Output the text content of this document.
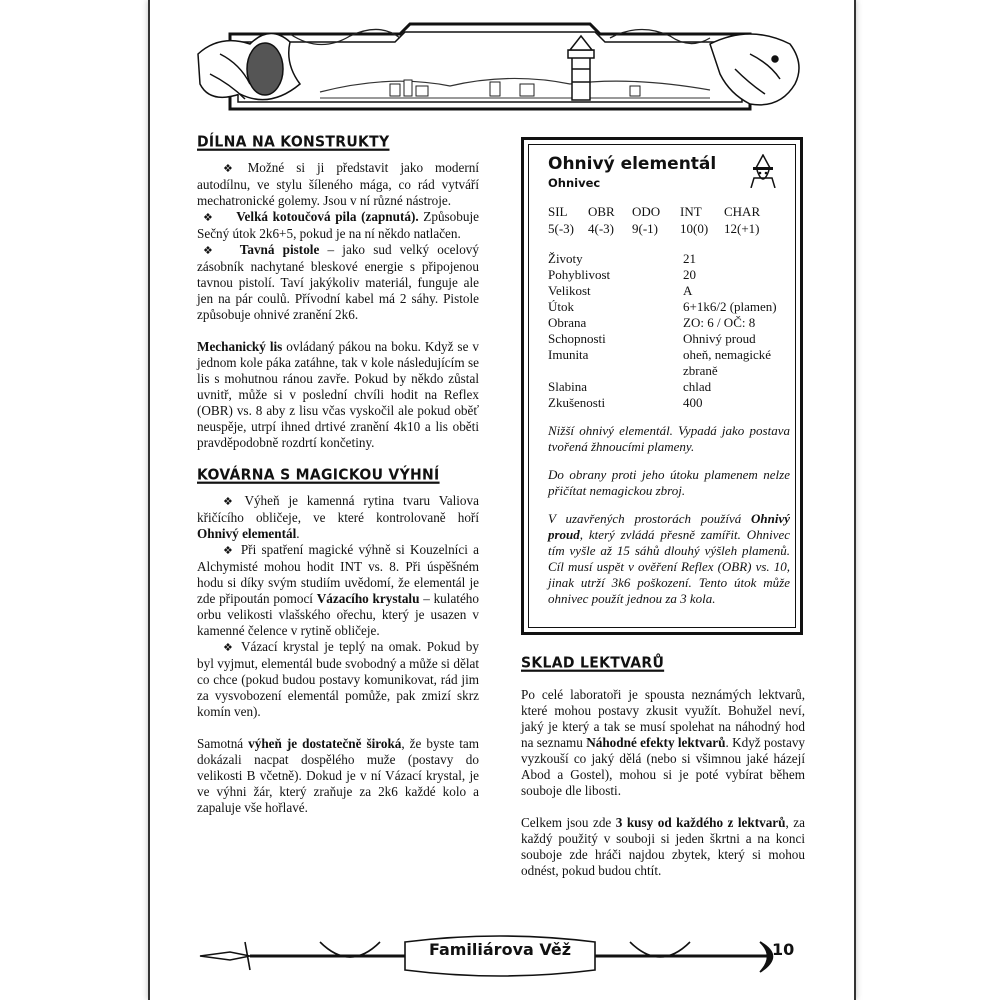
DÍLNA NA KONSTRUKTY

❖ Možné si ji představit jako moderní autodílnu, ve stylu šíleného mága, co rád vytváří mechatronické golemy. Jsou v ní různé nástroje.

❖ Velká kotoučová pila (zapnutá). Způsobuje Sečný útok 2k6+5, pokud je na ní někdo natlačen.

❖ Tavná pistole – jako sud velký ocelový zásobník nachytané bleskové energie s připojenou tavnou pistolí. Taví jakýkoliv materiál, funguje ale jen na pár coulů. Přívodní kabel má 2 sáhy. Pistole způsobuje ohnivé zranění 2k6.

Mechanický lis ovládaný pákou na boku. Když se v jednom kole páka zatáhne, tak v kole následujícím se lis s mohutnou ránou zavře. Pokud by někdo zůstal uvnitř, může si v poslední chvíli hodit na Reflex (OBR) vs. 8 aby z lisu včas vyskočil ale pokud oběť neuspěje, utrpí ihned drtivé zranění 4k10 a lis oběti pravděpodobně rozdrtí končetiny.

KOVÁRNA S MAGICKOU VÝHNÍ

❖ Výheň je kamenná rytina tvaru Valiova křičícího obličeje, ve které kontrolovaně hoří Ohnivý elementál.

❖ Při spatření magické výhně si Kouzelníci a Alchymisté mohou hodit INT vs. 8. Při úspěšném hodu si díky svým studiím uvědomí, že elementál je zde připoután pomocí Vázacího krystalu – kulatého orbu velikosti vlašského ořechu, který je usazen v kamenné čelence v rytině obličeje.

❖ Vázací krystal je teplý na omak. Pokud by byl vyjmut, elementál bude svobodný a může si dělat co chce (pokud budou postavy komunikovat, rád jim za vysvobození elementál pomůže, pak zmizí skrz komín ven).

Samotná výheň je dostatečně široká, že byste tam dokázali nacpat dospělého muže (postavy do velikosti B včetně). Dokud je v ní Vázací krystal, je ve výhni žár, který zraňuje za 2k6 každé kolo a zapaluje vše hořlavé.

Ohnivý elementál
Ohnivec
SIL	OBR	ODO	INT	CHAR
5(-3)	4(-3)	9(-1)	10(0)	12(+1)
Životy	21
Pohyblivost	20
Velikost	A
Útok	6+1k6/2 (plamen)
Obrana	ZO: 6 / OČ: 8
Schopnosti	Ohnivý proud
Imunita	oheň, nemagické zbraně
Slabina	chlad
Zkušenosti	400

Nižší ohnivý elementál. Vypadá jako postava tvořená žhnoucími plameny.

Do obrany proti jeho útoku plamenem nelze přičítat nemagickou zbroj.

V uzavřených prostorách používá Ohnivý proud, který zvládá přesně zamířit. Ohnivec tím vyšle až 15 sáhů dlouhý výšleh plamenů. Cíl musí uspět v ověření Reflex (OBR) vs. 10, jinak utrží 3k6 poškození. Tento útok může ohnivec použít jednou za 3 kola.

SKLAD LEKTVARŮ

Po celé laboratoři je spousta neznámých lektvarů, které mohou postavy zkusit využít. Bohužel neví, jaký je který a tak se musí spolehat na náhodný hod na seznamu Náhodné efekty lektvarů. Když postavy vyzkouší co jaký dělá (nebo si všimnou jaké házejí Abod a Gostel), mohou si je poté vybírat během souboje dle libosti.

Celkem jsou zde 3 kusy od každého z lektvarů, za každý použitý v souboji si jeden škrtni a na konci souboje zde hráči najdou zbytek, který si mohou odnést, pokud budou chtít.

Familiárova Věž	10
